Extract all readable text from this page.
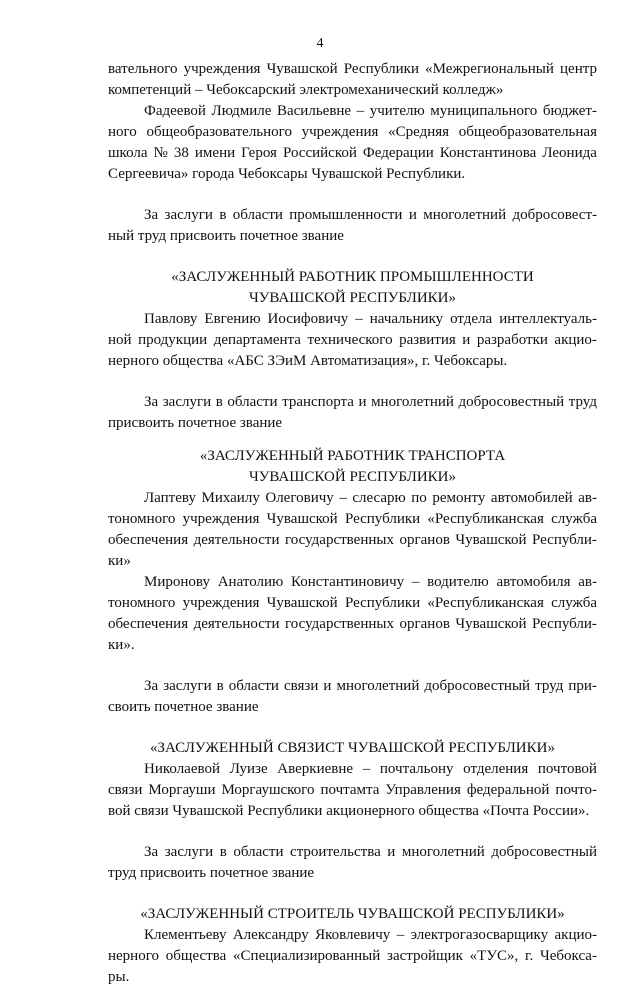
4
вательного учреждения Чувашской Республики «Межрегиональный центр
компетенций – Чебоксарский электромеханический колледж»
Фадеевой Людмиле Васильевне – учителю муниципального бюджет-
ного общеобразовательного учреждения «Средняя общеобразовательная
школа № 38 имени Героя Российской Федерации Константинова Леонида
Сергеевича» города Чебоксары Чувашской Республики.
За заслуги в области промышленности и многолетний добросовест-
ный труд присвоить почетное звание
«ЗАСЛУЖЕННЫЙ РАБОТНИК ПРОМЫШЛЕННОСТИ
ЧУВАШСКОЙ РЕСПУБЛИКИ»
Павлову Евгению Иосифовичу – начальнику отдела интеллектуаль-
ной продукции департамента технического развития и разработки акцио-
нерного общества «АБС ЗЭиМ Автоматизация», г. Чебоксары.
За заслуги в области транспорта и многолетний добросовестный труд
присвоить почетное звание
«ЗАСЛУЖЕННЫЙ РАБОТНИК ТРАНСПОРТА
ЧУВАШСКОЙ РЕСПУБЛИКИ»
Лаптеву Михаилу Олеговичу – слесарю по ремонту автомобилей ав-
тономного учреждения Чувашской Республики «Республиканская служба
обеспечения деятельности государственных органов Чувашской Республи-
ки»
Миронову Анатолию Константиновичу – водителю автомобиля ав-
тономного учреждения Чувашской Республики «Республиканская служба
обеспечения деятельности государственных органов Чувашской Республи-
ки».
За заслуги в области связи и многолетний добросовестный труд при-
своить почетное звание
«ЗАСЛУЖЕННЫЙ СВЯЗИСТ ЧУВАШСКОЙ РЕСПУБЛИКИ»
Николаевой Луизе Аверкиевне – почтальону отделения почтовой
связи Моргауши Моргаушского почтамта Управления федеральной почто-
вой связи Чувашской Республики акционерного общества «Почта России».
За заслуги в области строительства и многолетний добросовестный
труд присвоить почетное звание
«ЗАСЛУЖЕННЫЙ СТРОИТЕЛЬ ЧУВАШСКОЙ РЕСПУБЛИКИ»
Клементьеву Александру Яковлевичу – электрогазосварщику акцио-
нерного общества «Специализированный застройщик «ТУС», г. Чебокса-
ры.
